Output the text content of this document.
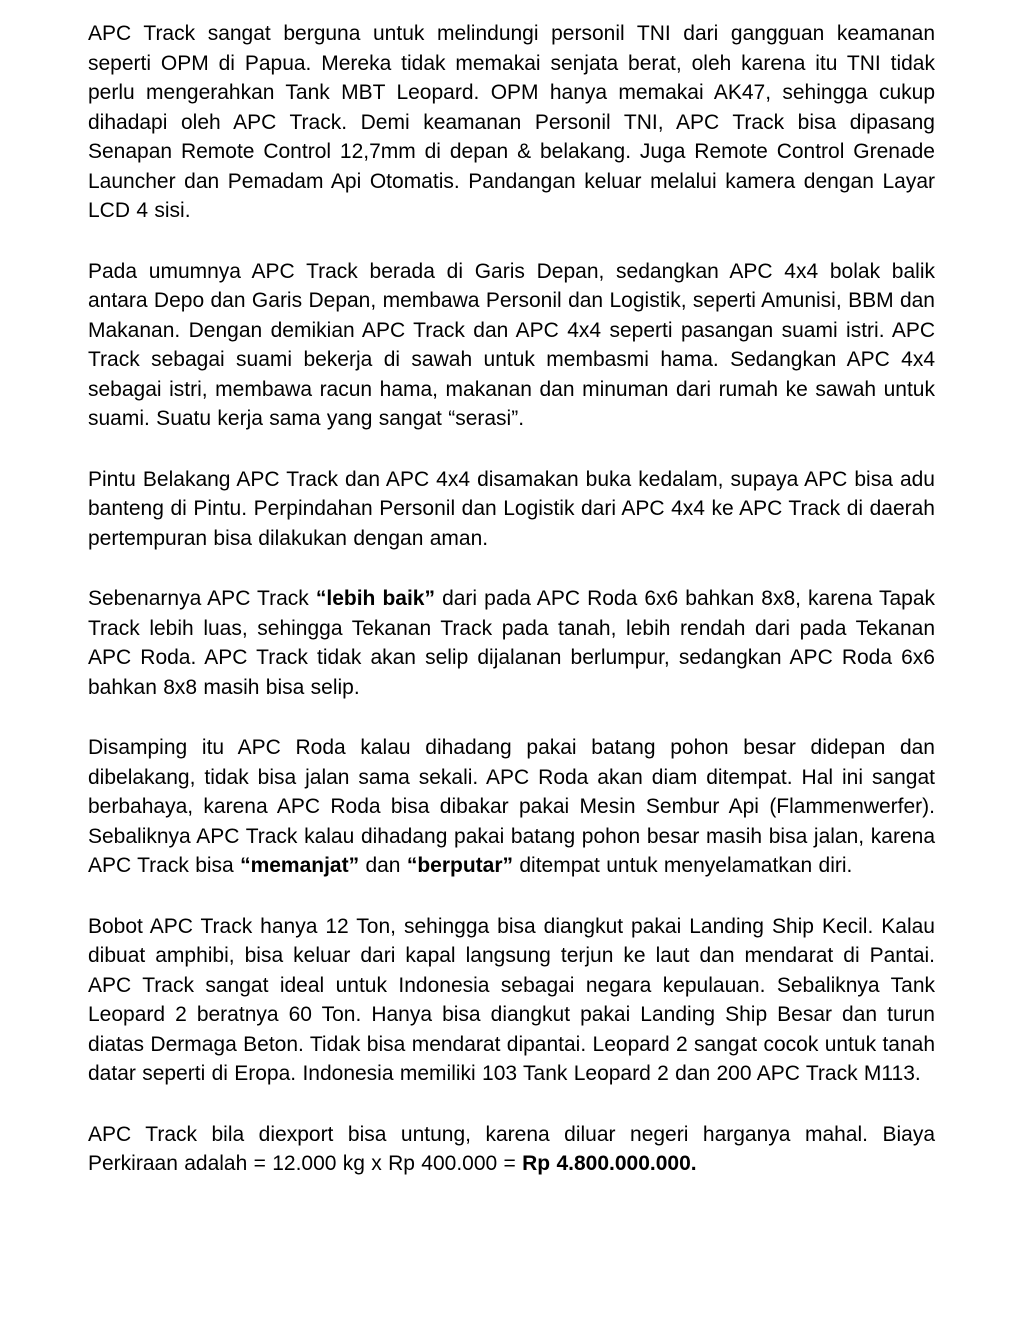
APC Track sangat berguna untuk melindungi personil TNI dari gangguan keamanan seperti OPM di Papua. Mereka tidak memakai senjata berat, oleh karena itu TNI tidak perlu mengerahkan Tank MBT Leopard. OPM hanya memakai AK47, sehingga cukup dihadapi oleh APC Track. Demi keamanan Personil TNI, APC Track bisa dipasang Senapan Remote Control 12,7mm di depan & belakang. Juga Remote Control Grenade Launcher dan Pemadam Api Otomatis. Pandangan keluar melalui kamera dengan Layar LCD 4 sisi.

Pada umumnya APC Track berada di Garis Depan, sedangkan APC 4x4 bolak balik antara Depo dan Garis Depan, membawa Personil dan Logistik, seperti Amunisi, BBM dan Makanan. Dengan demikian APC Track dan APC 4x4 seperti pasangan suami istri. APC Track sebagai suami bekerja di sawah untuk membasmi hama. Sedangkan APC 4x4 sebagai istri, membawa racun hama, makanan dan minuman dari rumah ke sawah untuk suami. Suatu kerja sama yang sangat “serasi”.

Pintu Belakang APC Track dan APC 4x4 disamakan buka kedalam, supaya APC bisa adu banteng di Pintu. Perpindahan Personil dan Logistik dari APC 4x4 ke APC Track di daerah pertempuran bisa dilakukan dengan aman.

Sebenarnya APC Track “lebih baik” dari pada APC Roda 6x6 bahkan 8x8, karena Tapak Track lebih luas, sehingga Tekanan Track pada tanah, lebih rendah dari pada Tekanan APC Roda. APC Track tidak akan selip dijalanan berlumpur, sedangkan APC Roda 6x6 bahkan 8x8 masih bisa selip.

Disamping itu APC Roda kalau dihadang pakai batang pohon besar didepan dan dibelakang, tidak bisa jalan sama sekali. APC Roda akan diam ditempat. Hal ini sangat berbahaya, karena APC Roda bisa dibakar pakai Mesin Sembur Api (Flammenwerfer). Sebaliknya APC Track kalau dihadang pakai batang pohon besar masih bisa jalan, karena APC Track bisa “memanjat” dan “berputar” ditempat untuk menyelamatkan diri.

Bobot APC Track hanya 12 Ton, sehingga bisa diangkut pakai Landing Ship Kecil. Kalau dibuat amphibi, bisa keluar dari kapal langsung terjun ke laut dan mendarat di Pantai. APC Track sangat ideal untuk Indonesia sebagai negara kepulauan. Sebaliknya Tank Leopard 2 beratnya 60 Ton. Hanya bisa diangkut pakai Landing Ship Besar dan turun diatas Dermaga Beton. Tidak bisa mendarat dipantai. Leopard 2 sangat cocok untuk tanah datar seperti di Eropa. Indonesia memiliki 103 Tank Leopard 2 dan 200 APC Track M113.

APC Track bila diexport bisa untung, karena diluar negeri harganya mahal. Biaya Perkiraan adalah = 12.000 kg x Rp 400.000 = Rp 4.800.000.000.
